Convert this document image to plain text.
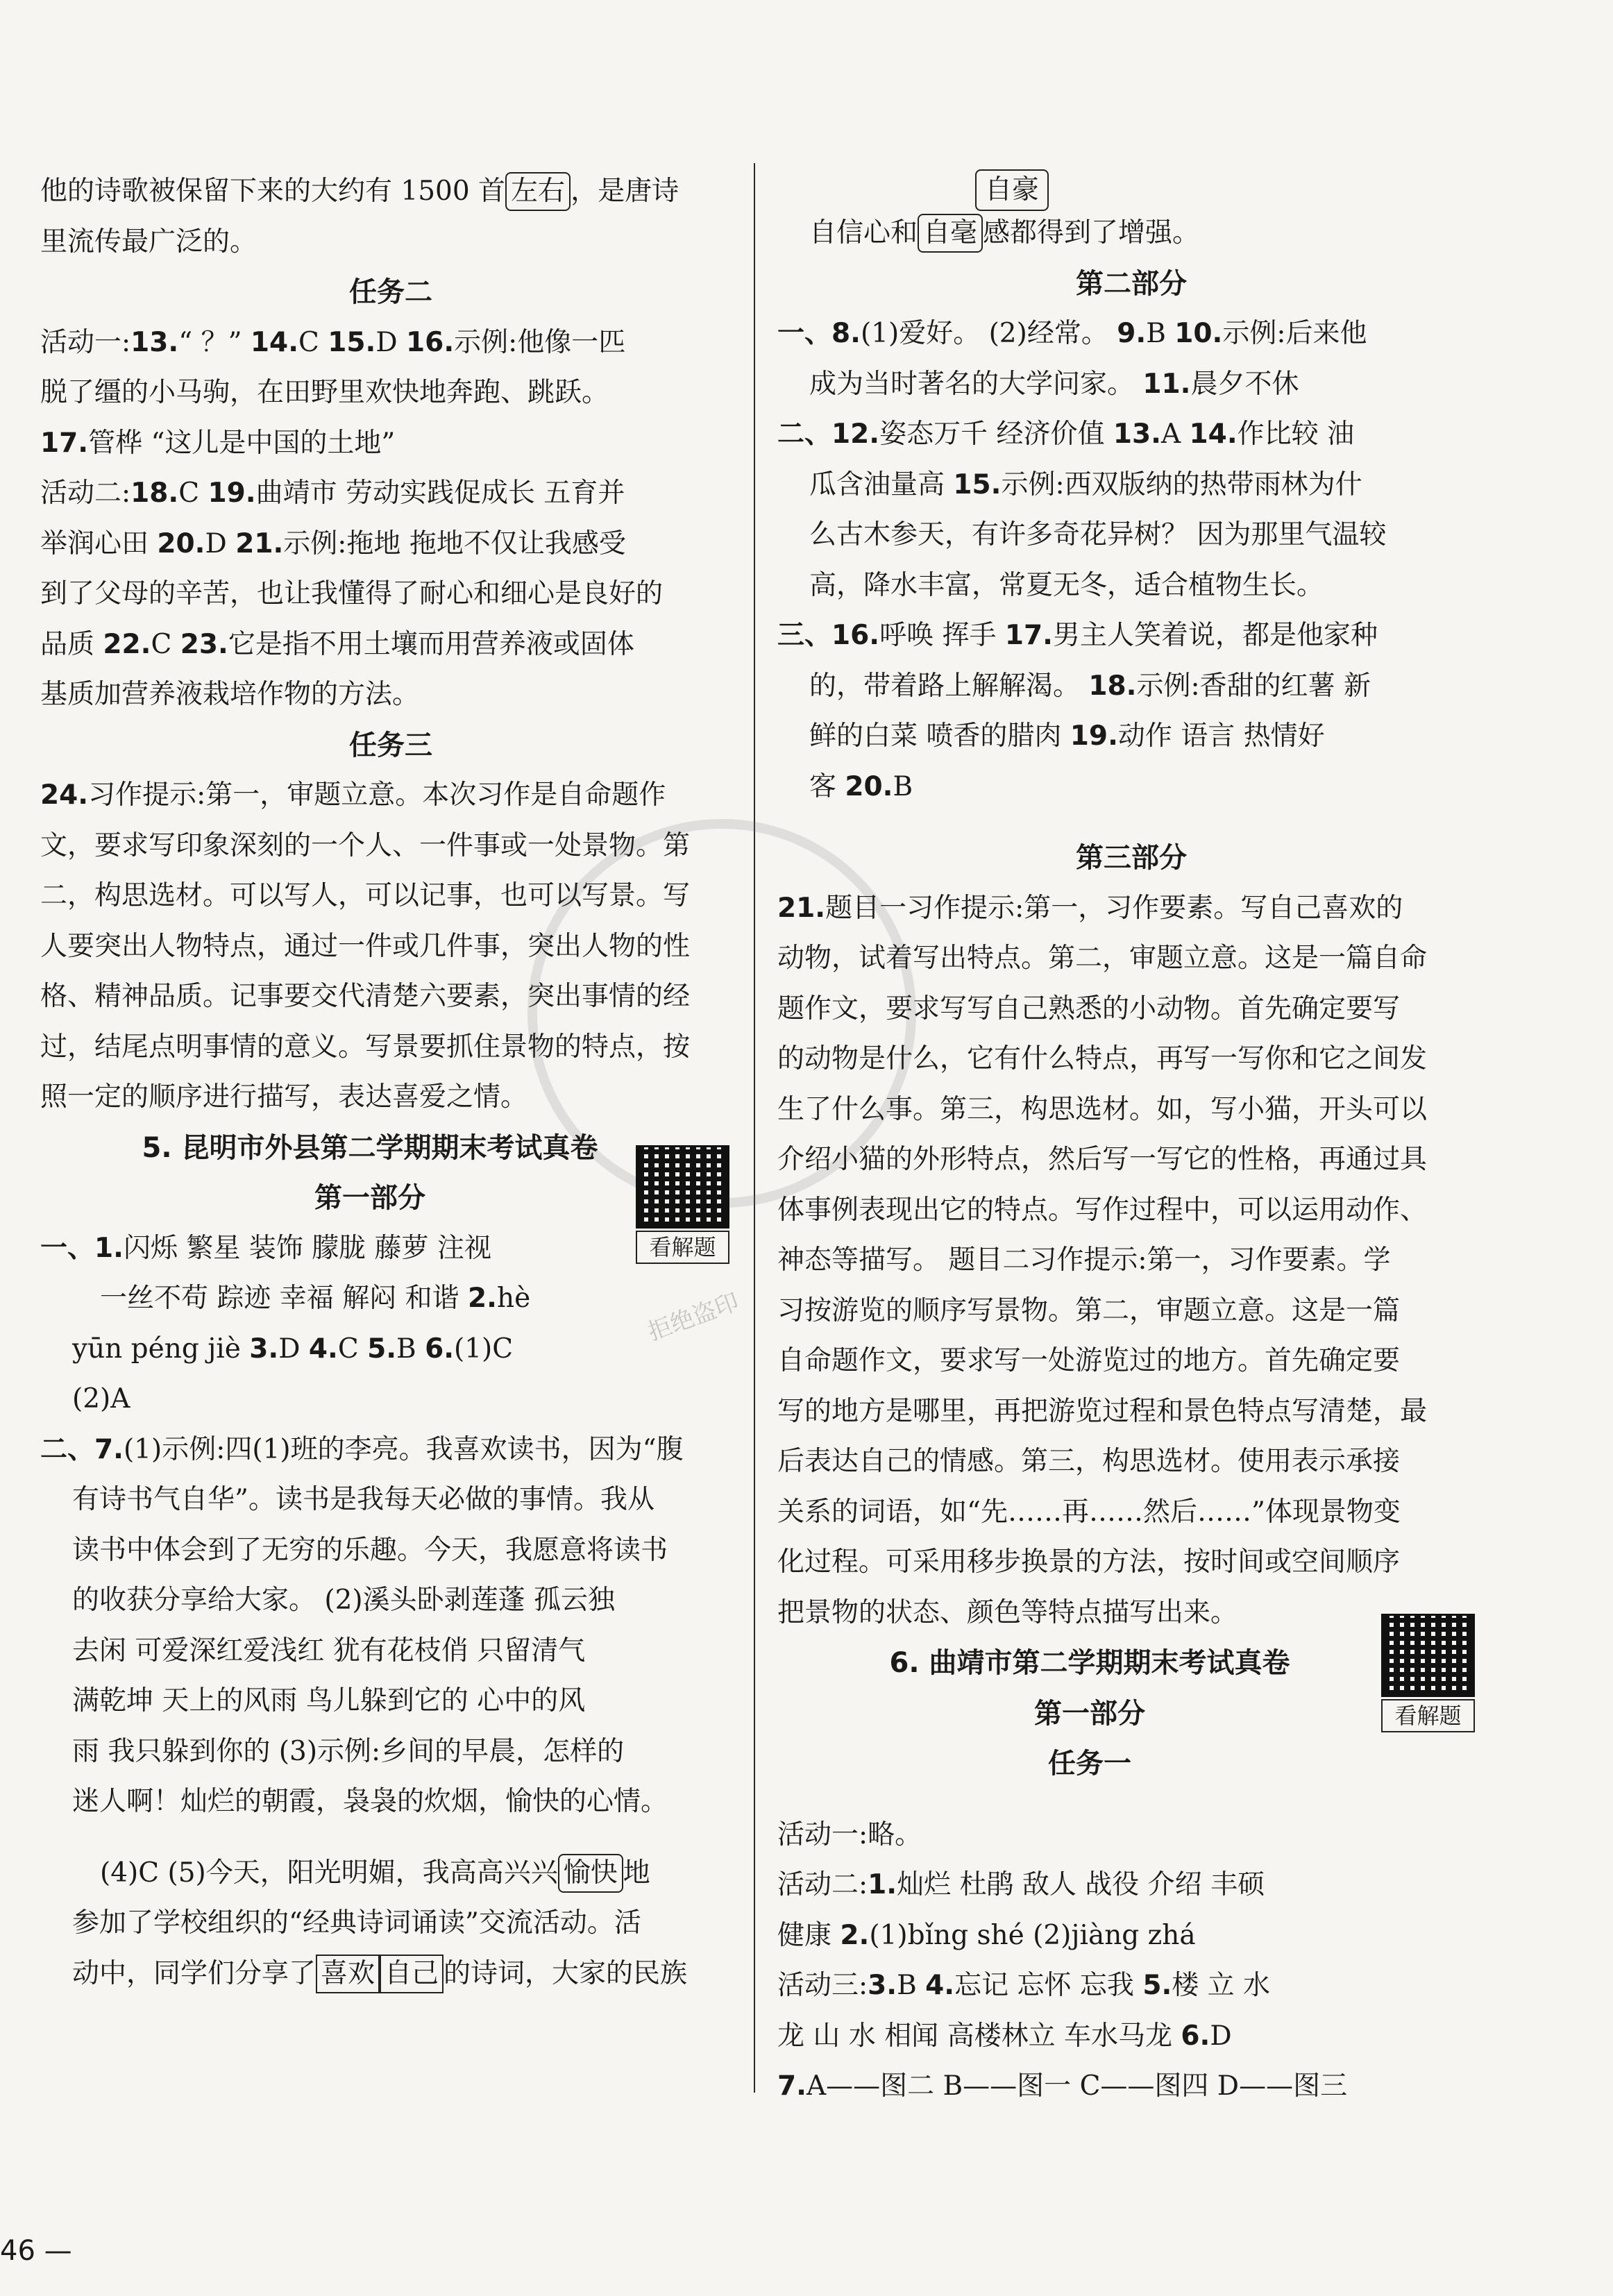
拒绝盗印
他的诗歌被保留下来的大约有 1500 首 左右 ，是唐诗
里流传最广泛的。
任务二
活动一:13.“ ？” 14.C 15.D 16.示例:他像一匹
脱了缰的小马驹，在田野里欢快地奔跑、跳跃。
17.管桦 “这儿是中国的土地”
活动二:18.C 19.曲靖市 劳动实践促成长 五育并
举润心田 20.D 21.示例:拖地 拖地不仅让我感受
到了父母的辛苦，也让我懂得了耐心和细心是良好的
品质 22.C 23.它是指不用土壤而用营养液或固体
基质加营养液栽培作物的方法。
任务三
24.习作提示:第一，审题立意。本次习作是自命题作
文，要求写印象深刻的一个人、一件事或一处景物。第
二，构思选材。可以写人，可以记事，也可以写景。写
人要突出人物特点，通过一件或几件事，突出人物的性
格、精神品质。记事要交代清楚六要素，突出事情的经
过，结尾点明事情的意义。写景要抓住景物的特点，按
照一定的顺序进行描写，表达喜爱之情。
5. 昆明市外县第二学期期末考试真卷
第一部分
一、1.闪烁 繁星 装饰 朦胧 藤萝 注视
一丝不苟 踪迹 幸福 解闷 和谐 2.hè
yūn péng jiè 3.D 4.C 5.B 6.(1)C
(2)A
二、7.(1)示例:四(1)班的李亮。我喜欢读书，因为“腹
有诗书气自华”。读书是我每天必做的事情。我从
读书中体会到了无穷的乐趣。今天，我愿意将读书
的收获分享给大家。 (2)溪头卧剥莲蓬 孤云独
去闲 可爱深红爱浅红 犹有花枝俏 只留清气
满乾坤 天上的风雨 鸟儿躲到它的 心中的风
雨 我只躲到你的 (3)示例:乡间的早晨，怎样的
迷人啊！灿烂的朝霞，袅袅的炊烟，愉快的心情。
(4)C (5)今天，阳光明媚，我高高兴兴 愉快 地
参加了学校组织的“经典诗词诵读”交流活动。活
动中，同学们分享了 喜欢 自己 的诗词，大家的民族
看解题
自豪
自信心和 自毫 感都得到了增强。
第二部分
一、8.(1)爱好。 (2)经常。 9.B 10.示例:后来他
成为当时著名的大学问家。 11.晨夕不休
二、12.姿态万千 经济价值 13.A 14.作比较 油
瓜含油量高 15.示例:西双版纳的热带雨林为什
么古木参天，有许多奇花异树？ 因为那里气温较
高，降水丰富，常夏无冬，适合植物生长。
三、16.呼唤 挥手 17.男主人笑着说，都是他家种
的，带着路上解解渴。 18.示例:香甜的红薯 新
鲜的白菜 喷香的腊肉 19.动作 语言 热情好
客 20.B
第三部分
21.题目一习作提示:第一，习作要素。写自己喜欢的
动物，试着写出特点。第二，审题立意。这是一篇自命
题作文，要求写写自己熟悉的小动物。首先确定要写
的动物是什么，它有什么特点，再写一写你和它之间发
生了什么事。第三，构思选材。如，写小猫，开头可以
介绍小猫的外形特点，然后写一写它的性格，再通过具
体事例表现出它的特点。写作过程中，可以运用动作、
神态等描写。 题目二习作提示:第一，习作要素。学
习按游览的顺序写景物。第二，审题立意。这是一篇
自命题作文，要求写一处游览过的地方。首先确定要
写的地方是哪里，再把游览过程和景色特点写清楚，最
后表达自己的情感。第三，构思选材。使用表示承接
关系的词语，如“先……再……然后……”体现景物变
化过程。可采用移步换景的方法，按时间或空间顺序
把景物的状态、颜色等特点描写出来。
6. 曲靖市第二学期期末考试真卷
第一部分
任务一
活动一:略。
活动二:1.灿烂 杜鹃 敌人 战役 介绍 丰硕
健康 2.(1)bǐng shé (2)jiàng zhá
活动三:3.B 4.忘记 忘怀 忘我 5.楼 立 水
龙 山 水 相闻 高楼林立 车水马龙 6.D
7.A——图二 B——图一 C——图四 D——图三
看解题
46 —
